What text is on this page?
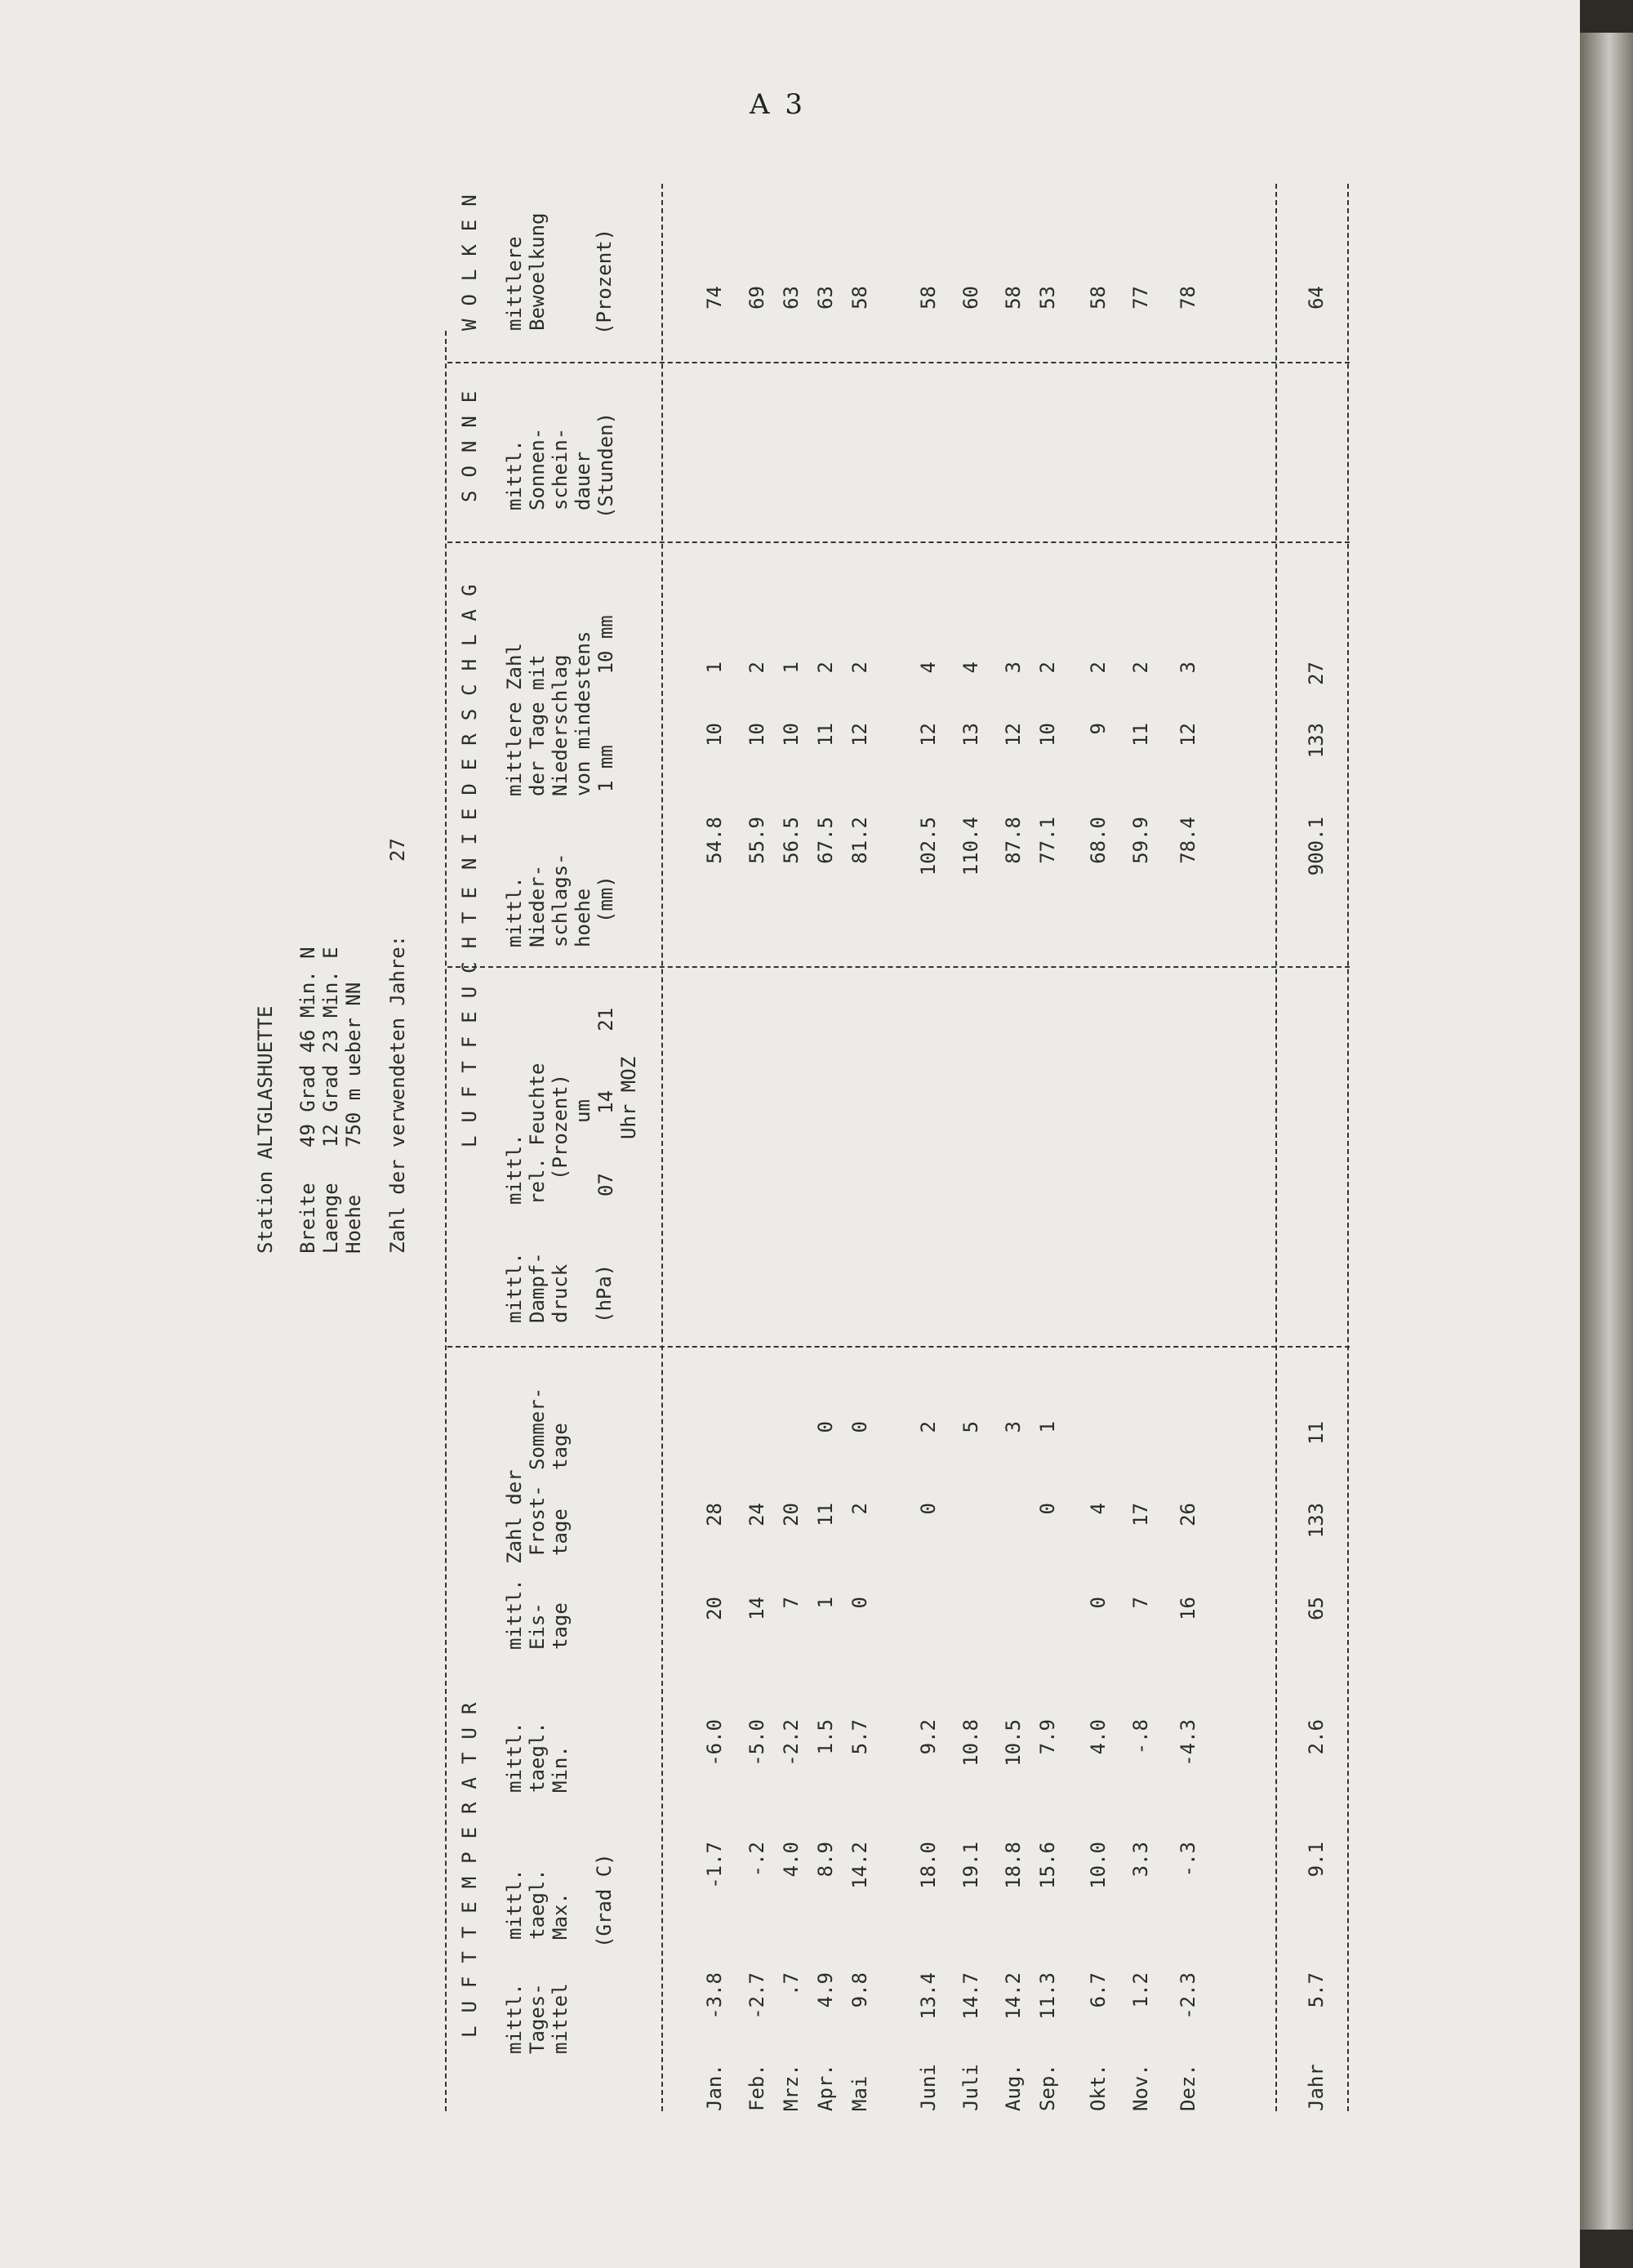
A 3
Station ALTGLASHUETTE Breite
49 Grad 46 Min. N
Laenge
12 Grad 23 Min. E
Hoehe
750 m ueber NN Zahl der verwendeten Jahre:
27
LUFTTEMPERATUR
LUFTFEUCHTE
NIEDERSCHLAG
SONNE
WOLKEN
mittl. Tages- mittel
mittl. taegl. Max.
mittl. taegl. Min.
(Grad C)
mittl. Eis- tage
Zahl der Frost- tage
Sommer- tage
mittl. Dampf- druck (hPa)
mittl. rel. Feuchte (Prozent) um 07     14     21 Uhr MOZ
mittl. Nieder- schlags- hoehe (mm)
mittlere Zahl der Tage mit Niederschlag von mindestens 1 mm      10 mm
mittl. Sonnen- schein- dauer (Stunden)
mittlere Bewoelkung (Prozent)
Jan.
-3.8
-1.7
-6.0
20
28
54.8
10
1
74
Feb.
-2.7
-.2
-5.0
14
24
55.9
10
2
69
Mrz.
.7
4.0
-2.2
7
20
56.5
10
1
63
Apr.
4.9
8.9
1.5
1
11
0
67.5
11
2
63
Mai
9.8
14.2
5.7
0
2
0
81.2
12
2
58
Juni
13.4
18.0
9.2
0
2
102.5
12
4
58
Juli
14.7
19.1
10.8
5
110.4
13
4
60
Aug.
14.2
18.8
10.5
3
87.8
12
3
58
Sep.
11.3
15.6
7.9
0
1
77.1
10
2
53
Okt.
6.7
10.0
4.0
0
4
68.0
9
2
58
Nov.
1.2
3.3
-.8
7
17
59.9
11
2
77
Dez.
-2.3
-.3
-4.3
16
26
78.4
12
3
78
Jahr
5.7
9.1
2.6
65
133
11
900.1
133
27
64
